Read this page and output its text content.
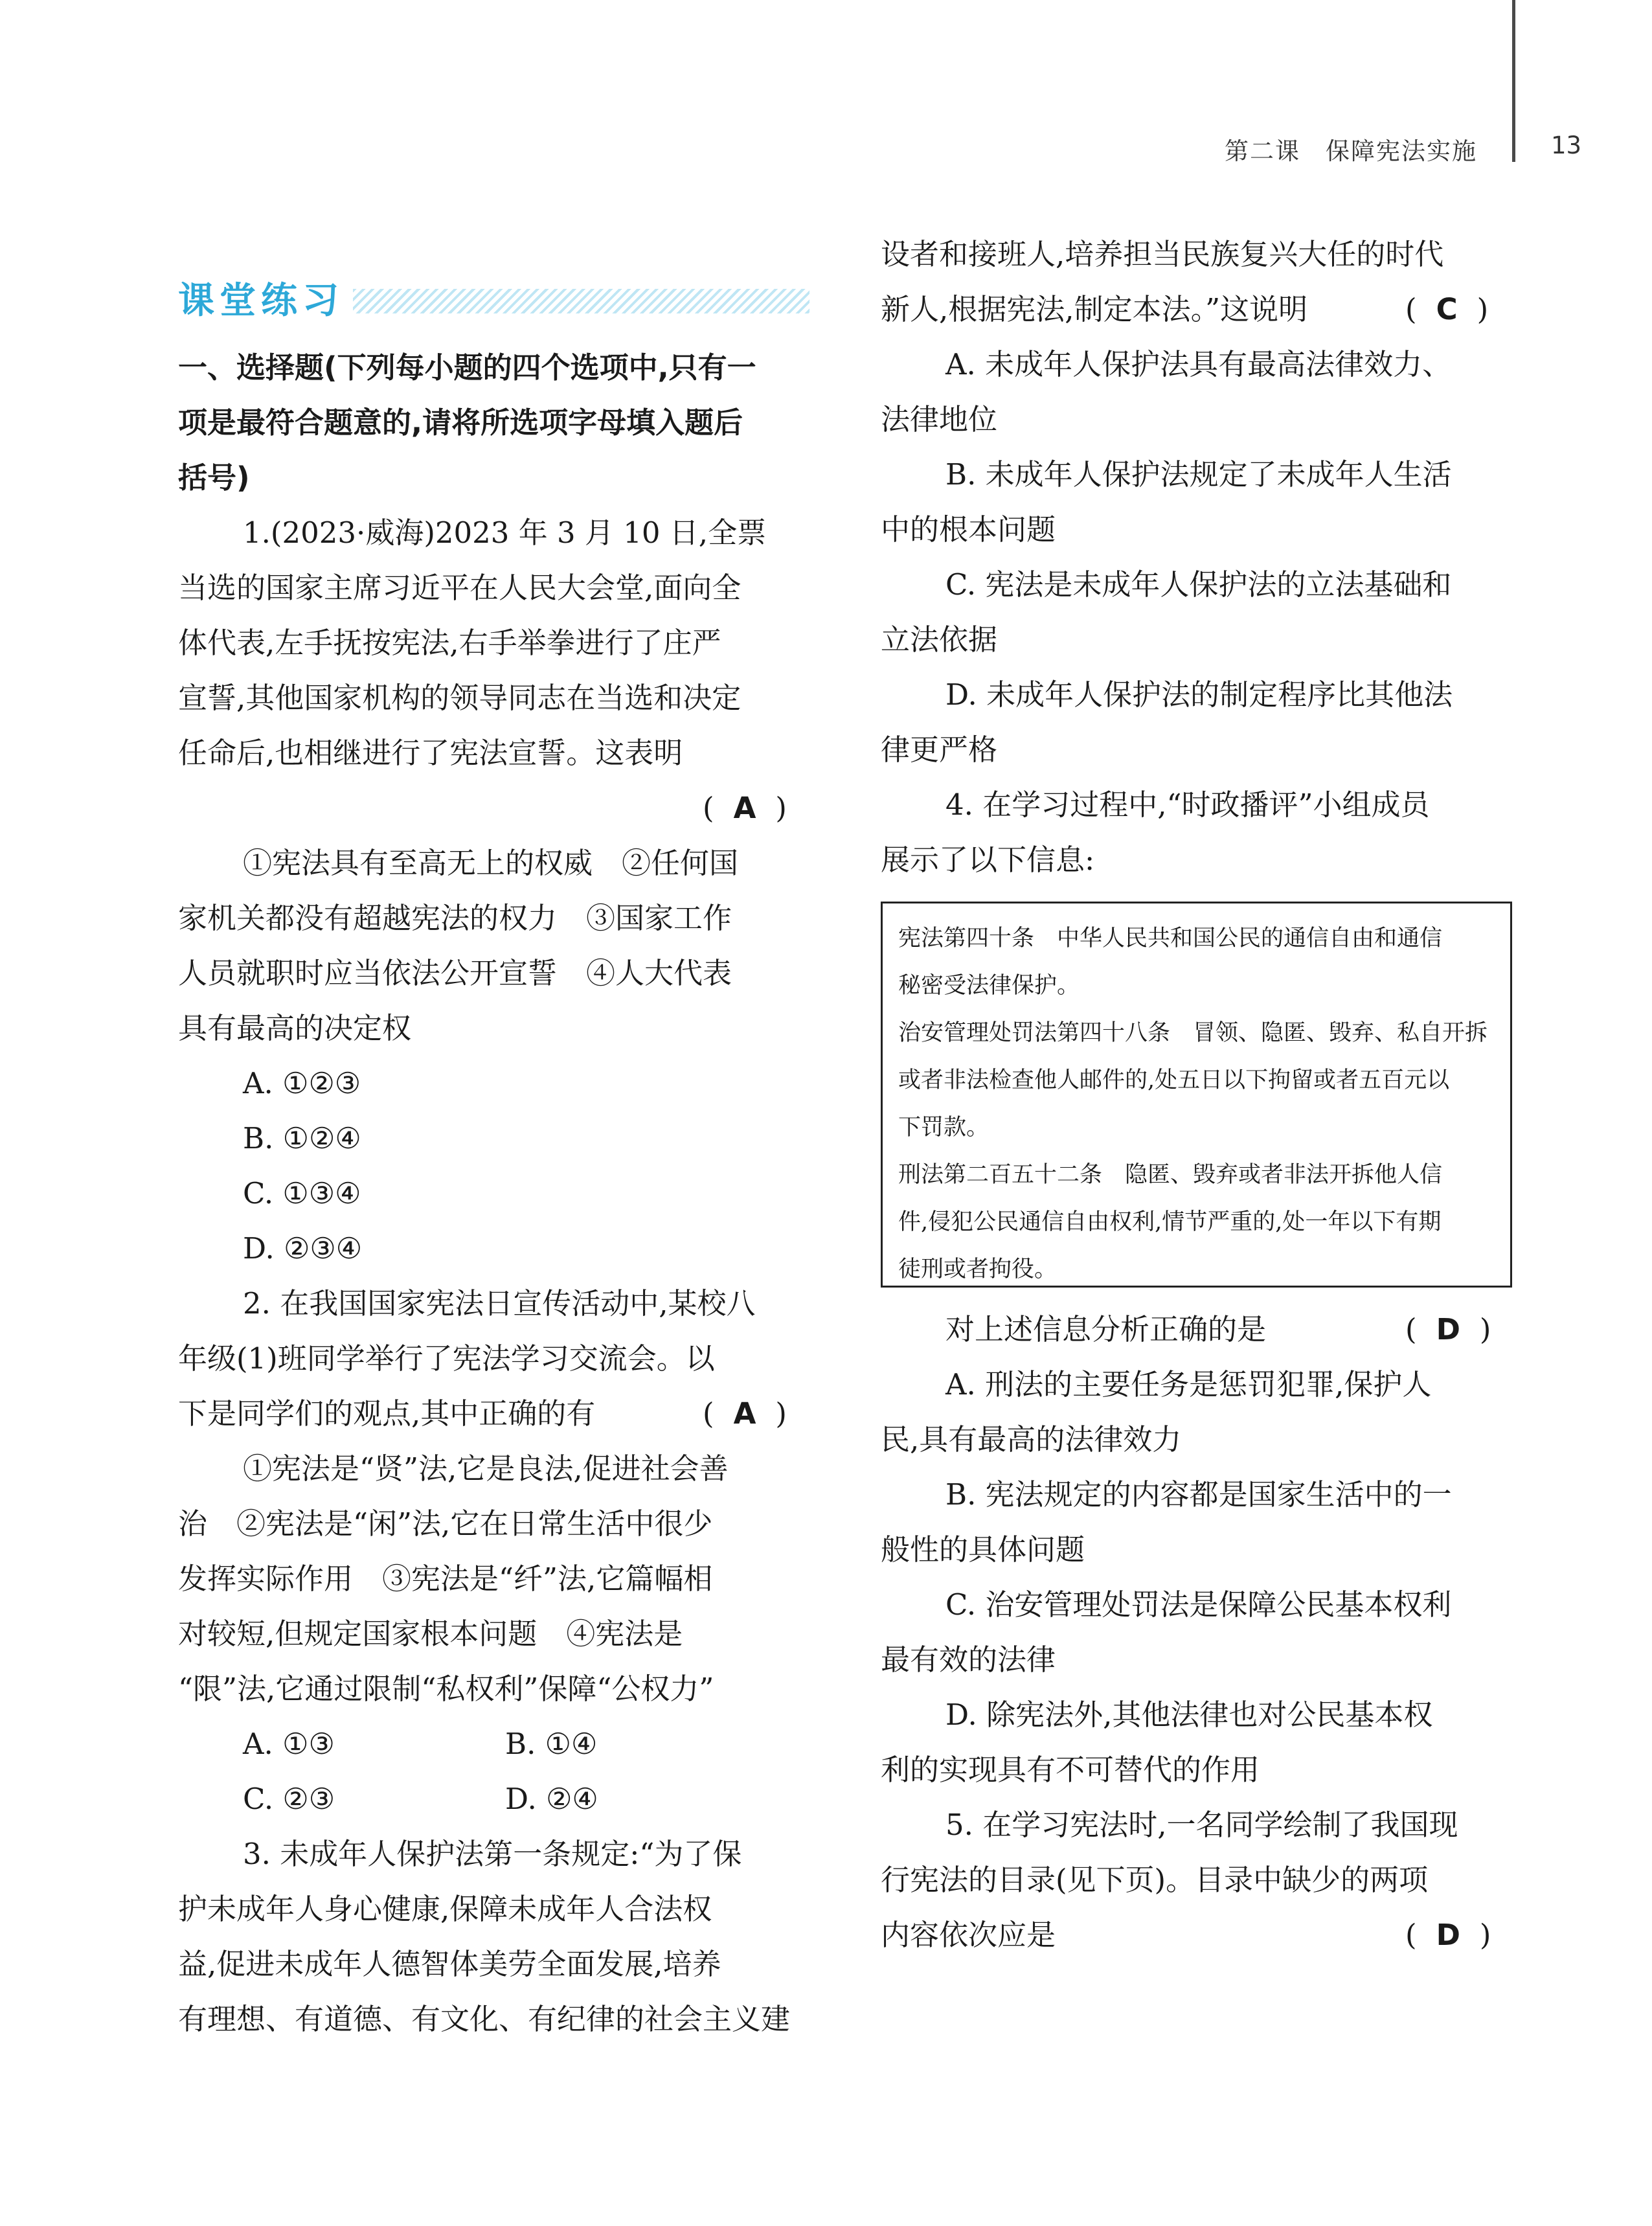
第二课　保障宪法实施	13
课堂练习

一、选择题(下列每小题的四个选项中,只有一

项是最符合题意的,请将所选项字母填入题后

括号)

1.(2023·威海)2023 年 3 月 10 日,全票

当选的国家主席习近平在人民大会堂,面向全

体代表,左手抚按宪法,右手举拳进行了庄严

宣誓,其他国家机构的领导同志在当选和决定

任命后,也相继进行了宪法宣誓。这表明

( A )

①宪法具有至高无上的权威　②任何国

家机关都没有超越宪法的权力　③国家工作

人员就职时应当依法公开宣誓　④人大代表

具有最高的决定权

A. ①②③

B. ①②④

C. ①③④

D. ②③④

2. 在我国国家宪法日宣传活动中,某校八

年级(1)班同学举行了宪法学习交流会。以

下是同学们的观点,其中正确的有	( A )

①宪法是“贤”法,它是良法,促进社会善

治　②宪法是“闲”法,它在日常生活中很少

发挥实际作用　③宪法是“纤”法,它篇幅相

对较短,但规定国家根本问题　④宪法是

“限”法,它通过限制“私权利”保障“公权力”

A. ①③	B. ①④

C. ②③	D. ②④

3. 未成年人保护法第一条规定:“为了保

护未成年人身心健康,保障未成年人合法权

益,促进未成年人德智体美劳全面发展,培养

有理想、有道德、有文化、有纪律的社会主义建

设者和接班人,培养担当民族复兴大任的时代

新人,根据宪法,制定本法。”这说明	( C )

A. 未成年人保护法具有最高法律效力、

法律地位

B. 未成年人保护法规定了未成年人生活

中的根本问题

C. 宪法是未成年人保护法的立法基础和

立法依据

D. 未成年人保护法的制定程序比其他法

律更严格

4. 在学习过程中,“时政播评”小组成员

展示了以下信息:

宪法第四十条　中华人民共和国公民的通信自由和通信

秘密受法律保护。

治安管理处罚法第四十八条　冒领、隐匿、毁弃、私自开拆

或者非法检查他人邮件的,处五日以下拘留或者五百元以

下罚款。

刑法第二百五十二条　隐匿、毁弃或者非法开拆他人信

件,侵犯公民通信自由权利,情节严重的,处一年以下有期

徒刑或者拘役。

对上述信息分析正确的是	( D )

A. 刑法的主要任务是惩罚犯罪,保护人

民,具有最高的法律效力

B. 宪法规定的内容都是国家生活中的一

般性的具体问题

C. 治安管理处罚法是保障公民基本权利

最有效的法律

D. 除宪法外,其他法律也对公民基本权

利的实现具有不可替代的作用

5. 在学习宪法时,一名同学绘制了我国现

行宪法的目录(见下页)。目录中缺少的两项

内容依次应是	( D )
